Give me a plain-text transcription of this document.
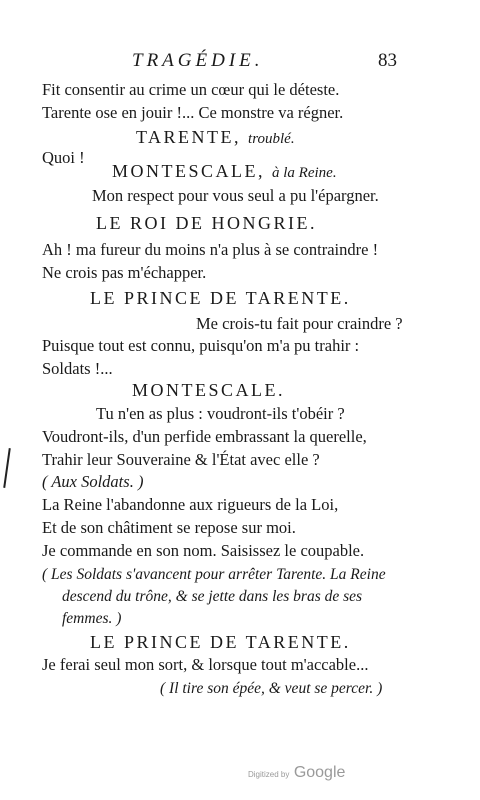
TRAGÉDIE.	83
Fit consentir au crime un cœur qui le déteste.
Tarente ose en jouir !... Ce monstre va régner.
TARENTE, troublé.
Quoi !
MONTESCALE, à la Reine.
Mon respect pour vous seul a pu l'épargner.
LE ROI DE HONGRIE.
Ah ! ma fureur du moins n'a plus à se contraindre !
Ne crois pas m'échapper.
LE PRINCE DE TARENTE.
Me crois-tu fait pour craindre ?
Puisque tout est connu, puisqu'on m'a pu trahir :
Soldats !...
MONTESCALE.
Tu n'en as plus : voudront-ils t'obéir ?
Voudront-ils, d'un perfide embrassant la querelle,
Trahir leur Souveraine & l'État avec elle ?
( Aux Soldats. )
La Reine l'abandonne aux rigueurs de la Loi,
Et de son châtiment se repose sur moi.
Je commande en son nom. Saisissez le coupable.
( Les Soldats s'avancent pour arrêter Tarente. La Reine
descend du trône, & se jette dans les bras de ses
femmes. )
LE PRINCE DE TARENTE.
Je ferai seul mon sort, & lorsque tout m'accable...
( Il tire son épée, & veut se percer. )
Digitized by Google
